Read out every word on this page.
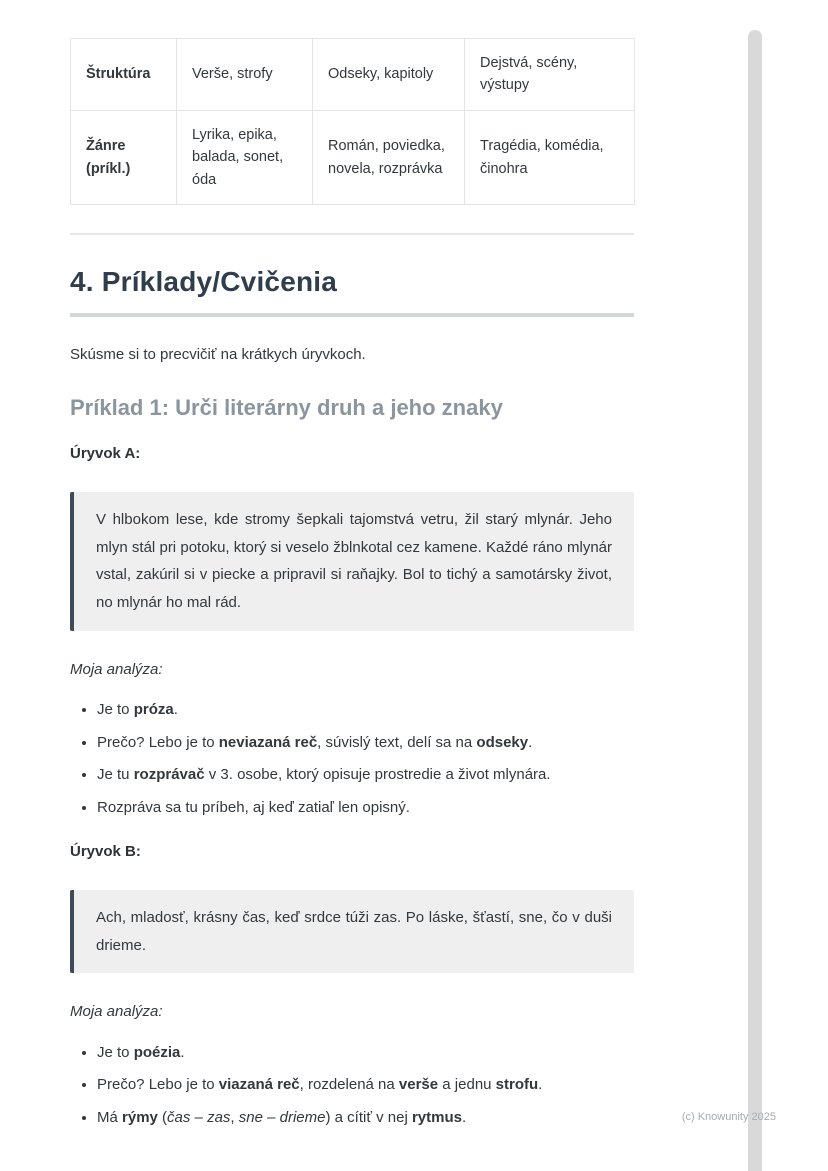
Štruktúra	Verše, strofy	Odseky, kapitoly	Dejstvá, scény, výstupy
Žánre (príkl.)	Lyrika, epika, balada, sonet, óda	Román, poviedka, novela, rozprávka	Tragédia, komédia, činohra
4. Príklady/Cvičenia

Skúsme si to precvičiť na krátkych úryvkoch.

Príklad 1: Urči literárny druh a jeho znaky

Úryvok A:

V hlbokom lese, kde stromy šepkali tajomstvá vetru, žil starý mlynár. Jeho mlyn stál pri potoku, ktorý si veselo žblnkotal cez kamene. Každé ráno mlynár vstal, zakúril si v piecke a pripravil si raňajky. Bol to tichý a samotársky život, no mlynár ho mal rád.

Moja analýza:

• Je to próza.
• Prečo? Lebo je to neviazaná reč, súvislý text, delí sa na odseky.
• Je tu rozprávač v 3. osobe, ktorý opisuje prostredie a život mlynára.
• Rozpráva sa tu príbeh, aj keď zatiaľ len opisný.

Úryvok B:

Ach, mladosť, krásny čas, keď srdce túži zas. Po láske, šťastí, sne, čo v duši drieme.

Moja analýza:

• Je to poézia.
• Prečo? Lebo je to viazaná reč, rozdelená na verše a jednu strofu.
• Má rýmy (čas – zas, sne – drieme) a cítiť v nej rytmus.	(c) Knowunity 2025
